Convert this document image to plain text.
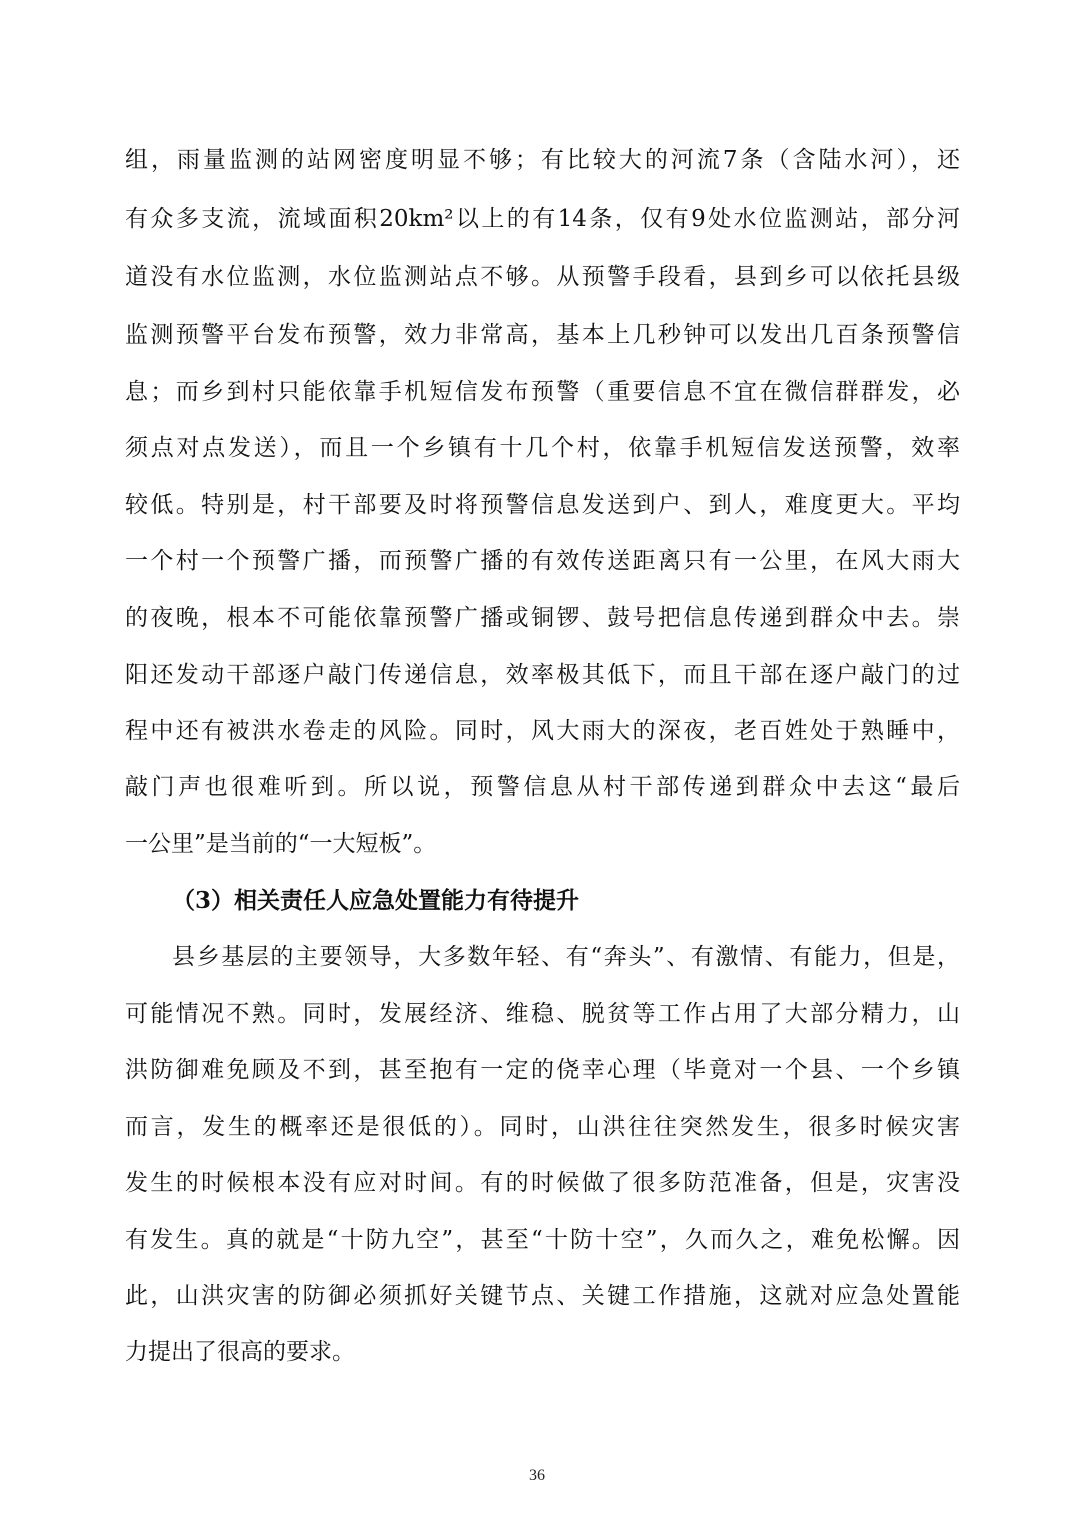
组，雨量监测的站网密度明显不够；有比较大的河流7条（含陆水河），还
有众多支流，流域面积20km²以上的有14条，仅有9处水位监测站，部分河
道没有水位监测，水位监测站点不够。从预警手段看，县到乡可以依托县级
监测预警平台发布预警，效力非常高，基本上几秒钟可以发出几百条预警信
息；而乡到村只能依靠手机短信发布预警（重要信息不宜在微信群群发，必
须点对点发送），而且一个乡镇有十几个村，依靠手机短信发送预警，效率
较低。特别是，村干部要及时将预警信息发送到户、到人，难度更大。平均
一个村一个预警广播，而预警广播的有效传送距离只有一公里，在风大雨大
的夜晚，根本不可能依靠预警广播或铜锣、鼓号把信息传递到群众中去。崇
阳还发动干部逐户敲门传递信息，效率极其低下，而且干部在逐户敲门的过
程中还有被洪水卷走的风险。同时，风大雨大的深夜，老百姓处于熟睡中，
敲门声也很难听到。所以说，预警信息从村干部传递到群众中去这“最后
一公里”是当前的“一大短板”。
（3）相关责任人应急处置能力有待提升
县乡基层的主要领导，大多数年轻、有“奔头”、有激情、有能力，但是，
可能情况不熟。同时，发展经济、维稳、脱贫等工作占用了大部分精力，山
洪防御难免顾及不到，甚至抱有一定的侥幸心理（毕竟对一个县、一个乡镇
而言，发生的概率还是很低的）。同时，山洪往往突然发生，很多时候灾害
发生的时候根本没有应对时间。有的时候做了很多防范准备，但是，灾害没
有发生。真的就是“十防九空”，甚至“十防十空”，久而久之，难免松懈。因
此，山洪灾害的防御必须抓好关键节点、关键工作措施，这就对应急处置能
力提出了很高的要求。
36
